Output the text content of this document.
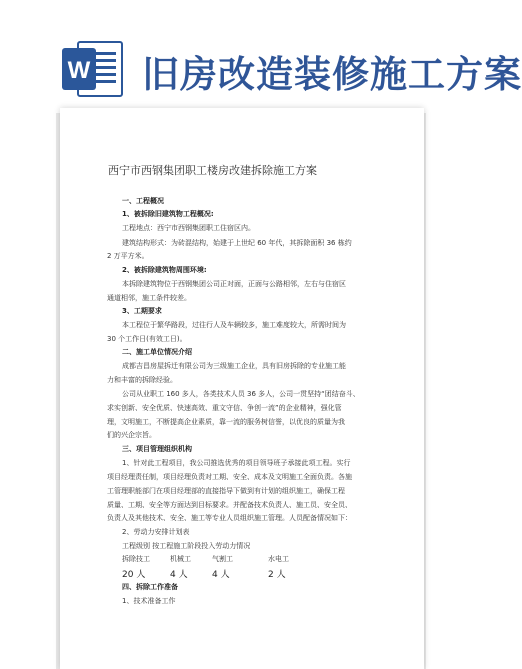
W 旧房改造装修施工方案
西宁市西钢集团职工楼房改建拆除施工方案
一、工程概况
1、被拆除旧建筑物工程概况:
工程地点：西宁市西钢集团职工住宿区内。
建筑结构形式：为砖混结构，始建于上世纪 60 年代，其拆除面积 36 栋约
2 万平方米。
2、被拆除建筑物周围环境:
本拆除建筑物位于西钢集团公司正对面，正面与公路相邻，左右与住宿区
通道相邻，施工条件较差。
3、工期要求
本工程位于繁华路段，过往行人及车辆较多，施工难度较大，所需时间为
30 个工作日(有效工日)。
二、施工单位情况介绍
成都吉昌房屋拆迁有限公司为三级施工企业，具有旧房拆除的专业施工能
力和丰富的拆除经验。
公司从业职工 160 多人，各类技术人员 36 多人，公司一贯坚持“团结奋斗、
求实创新、安全优质、快速高效、重文守信、争创一流”的企业精神，强化管
理，文明施工，不断提高企业素质，靠一流的服务树信誉，以优良的质量为我
们的兴企宗旨。
三、项目管理组织机构
1、针对此工程项目，我公司推选优秀的项目领导班子承接此项工程。实行
项目经理责任制，项目经理负责对工期、安全、成本及文明施工全面负责。各施
工管理职能部门在项目经理部的直接指导下做到有计划的组织施工，确保工程
质量、工期、安全等方面达到目标要求。并配备技术负责人、施工员、安全员、
负责人及其他技术、安全、施工等专业人员组织施工管理。人员配备情况如下：
2、劳动力安排计划表
工程级别 按工程施工阶段投入劳动力情况
拆除技工	机械工	气割工	水电工
20 人	4 人	4 人	2 人
四、拆除工作准备
1、技术准备工作
